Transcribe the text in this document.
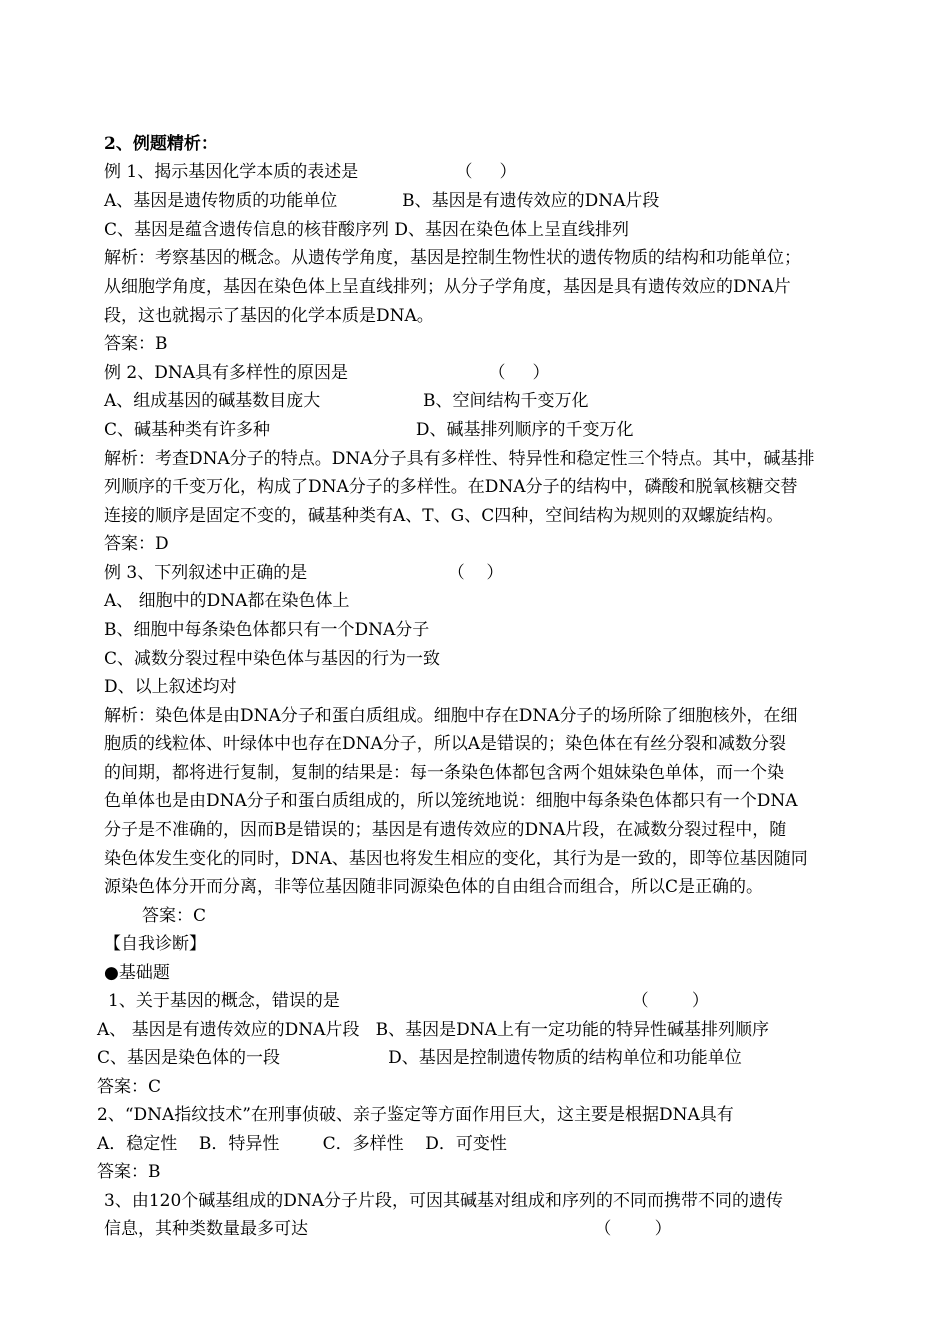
2、例题精析：
例 1、揭示基因化学本质的表述是                  （     ）
A、基因是遗传物质的功能单位            B、基因是有遗传效应的DNA片段
C、基因是蕴含遗传信息的核苷酸序列 D、基因在染色体上呈直线排列
解析：考察基因的概念。从遗传学角度，基因是控制生物性状的遗传物质的结构和功能单位；
从细胞学角度，基因在染色体上呈直线排列；从分子学角度，基因是具有遗传效应的DNA片
段，这也就揭示了基因的化学本质是DNA。
答案：B
例 2、DNA具有多样性的原因是                          （     ）
A、组成基因的碱基数目庞大                   B、空间结构千变万化
C、碱基种类有许多种                           D、碱基排列顺序的千变万化
解析：考查DNA分子的特点。DNA分子具有多样性、特异性和稳定性三个特点。其中，碱基排
列顺序的千变万化，构成了DNA分子的多样性。在DNA分子的结构中，磷酸和脱氧核糖交替
连接的顺序是固定不变的，碱基种类有A、T、G、C四种，空间结构为规则的双螺旋结构。
答案：D
例 3、下列叙述中正确的是                          （    ）
A、 细胞中的DNA都在染色体上
B、细胞中每条染色体都只有一个DNA分子
C、减数分裂过程中染色体与基因的行为一致
D、以上叙述均对
解析：染色体是由DNA分子和蛋白质组成。细胞中存在DNA分子的场所除了细胞核外，在细
胞质的线粒体、叶绿体中也存在DNA分子，所以A是错误的；染色体在有丝分裂和减数分裂
的间期，都将进行复制，复制的结果是：每一条染色体都包含两个姐妹染色单体，而一个染
色单体也是由DNA分子和蛋白质组成的，所以笼统地说：细胞中每条染色体都只有一个DNA
分子是不准确的，因而B是错误的；基因是有遗传效应的DNA片段，在减数分裂过程中，随
染色体发生变化的同时，DNA、基因也将发生相应的变化，其行为是一致的，即等位基因随同
源染色体分开而分离，非等位基因随非同源染色体的自由组合而组合，所以C是正确的。
答案：C
【自我诊断】
●基础题
1、关于基因的概念，错误的是                                                      （        ）
A、 基因是有遗传效应的DNA片段   B、基因是DNA上有一定功能的特异性碱基排列顺序
C、基因是染色体的一段                    D、基因是控制遗传物质的结构单位和功能单位
答案：C
2、“DNA指纹技术”在刑事侦破、亲子鉴定等方面作用巨大，这主要是根据DNA具有
A．稳定性    B．特异性        C．多样性    D．可变性
答案：B
3、由120个碱基组成的DNA分子片段，可因其碱基对组成和序列的不同而携带不同的遗传
信息，其种类数量最多可达                                                     （        ）
